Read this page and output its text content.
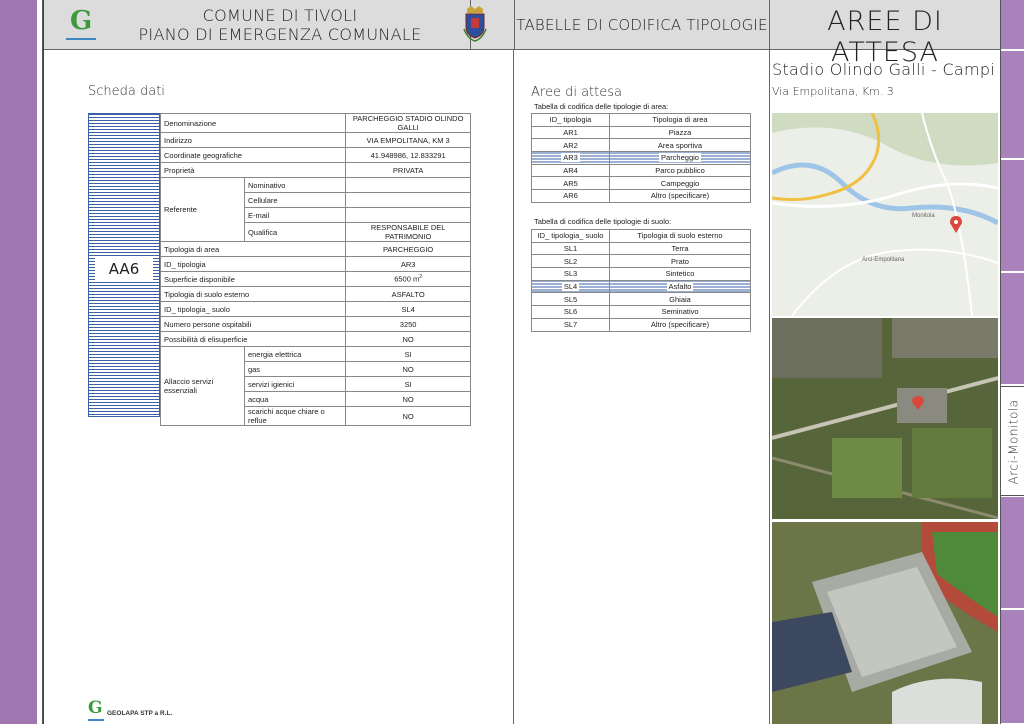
Arci-Monitola
G	COMUNE DI TIVOLI
PIANO DI EMERGENZA COMUNALE	TABELLE DI CODIFICA TIPOLOGIE	AREE DI ATTESA
Scheda dati
AA6
Denominazione		PARCHEGGIO STADIO OLINDO GALLI
Indirizzo		VIA EMPOLITANA, KM 3
Coordinate geografiche		41.948986, 12.833291
Proprietà		PRIVATA
Referente	Nominativo	
	Cellulare	
	E-mail	
	Qualifica	RESPONSABILE DEL PATRIMONIO
Tipologia di area		PARCHEGGIO
ID_ tipologia		AR3
Superficie disponibile		6500 $m^2$
Tipologia di suolo esterno		ASFALTO
ID_ tipologia_ suolo		SL4
Numero persone ospitabili		3250
Possibilità di elisuperficie		NO
Allaccio servizi essenziali	energia elettrica	SI
	gas	NO
	servizi igienici	SI
	acqua	NO
	scarichi acque chiare o reflue	NO
Aree di attesa
Tabella di codifica delle tipologie di area:
ID_ tipologia	Tipologia di area
AR1	Piazza
AR2	Area sportiva
AR3	Parcheggio
AR4	Parco pubblico
AR5	Campeggio
AR6	Altro (specificare)
Tabella di codifica delle tipologie di suolo:
ID_ tipologia_ suolo	Tipologia di suolo esterno
SL1	Terra
SL2	Prato
SL3	Sintetico
SL4	Asfalto
SL5	Ghiaia
SL6	Seminativo
SL7	Altro (specificare)
Stadio Olindo Galli - Campi
Via Empolitana, Km. 3
Monitola
Arci-Empolitana
G GEOLAPA STP a R.L.
